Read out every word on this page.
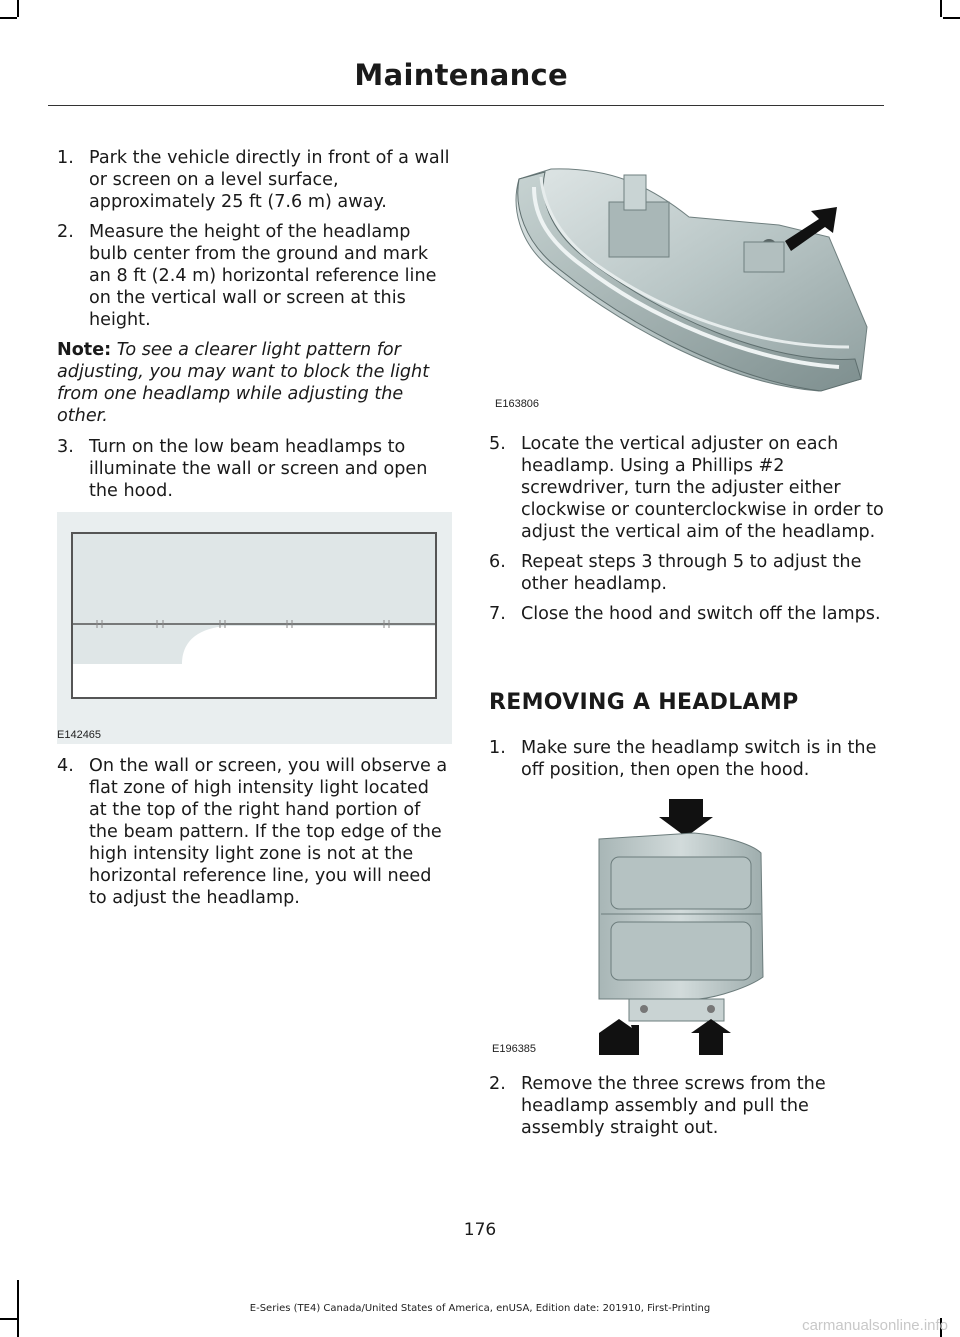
Maintenance
1. Park the vehicle directly in front of a wall or screen on a level surface, approximately 25 ft (7.6 m) away.
2. Measure the height of the headlamp bulb center from the ground and mark an 8 ft (2.4 m) horizontal reference line on the vertical wall or screen at this height.
Note: To see a clearer light pattern for adjusting, you may want to block the light from one headlamp while adjusting the other.
3. Turn on the low beam headlamps to illuminate the wall or screen and open the hood.
E142465
4. On the wall or screen, you will observe a flat zone of high intensity light located at the top of the right hand portion of the beam pattern. If the top edge of the high intensity light zone is not at the horizontal reference line, you will need to adjust the headlamp.
E163806
5. Locate the vertical adjuster on each headlamp. Using a Phillips #2 screwdriver, turn the adjuster either clockwise or counterclockwise in order to adjust the vertical aim of the headlamp.
6. Repeat steps 3 through 5 to adjust the other headlamp.
7. Close the hood and switch off the lamps.
REMOVING A HEADLAMP
1. Make sure the headlamp switch is in the off position, then open the hood.
E196385
2. Remove the three screws from the headlamp assembly and pull the assembly straight out.
176
E-Series (TE4) Canada/United States of America, enUSA, Edition date: 201910, First-Printing
carmanualsonline.info
